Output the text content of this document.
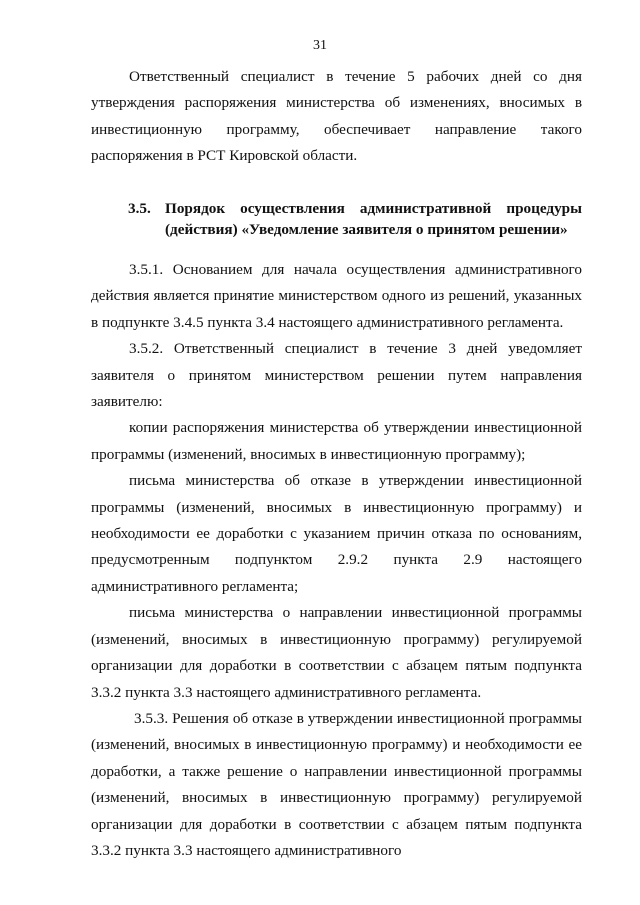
31

Ответственный специалист в течение 5 рабочих дней со дня утверждения распоряжения министерства об изменениях, вносимых в инвестиционную программу, обеспечивает направление такого распоряжения в РСТ Кировской области.

3.5. Порядок осуществления административной процедуры
(действия) «Уведомление заявителя о принятом решении»

3.5.1. Основанием для начала осуществления административного действия является принятие министерством одного из решений, указанных в подпункте 3.4.5 пункта 3.4 настоящего административного регламента.

3.5.2. Ответственный специалист в течение 3 дней уведомляет заявителя о принятом министерством решении путем направления заявителю:

копии распоряжения министерства об утверждении инвестиционной программы (изменений, вносимых в инвестиционную программу);

письма министерства об отказе в утверждении инвестиционной программы (изменений, вносимых в инвестиционную программу) и необходимости ее доработки с указанием причин отказа по основаниям, предусмотренным подпунктом 2.9.2 пункта 2.9 настоящего административного регламента;

письма министерства о направлении инвестиционной программы (изменений, вносимых в инвестиционную программу) регулируемой организации для доработки в соответствии с абзацем пятым подпункта 3.3.2 пункта 3.3 настоящего административного регламента.

3.5.3. Решения об отказе в утверждении инвестиционной программы (изменений, вносимых в инвестиционную программу) и необходимости ее доработки, а также решение о направлении инвестиционной программы (изменений, вносимых в инвестиционную программу) регулируемой организации для доработки в соответствии с абзацем пятым подпункта 3.3.2 пункта 3.3 настоящего административного
